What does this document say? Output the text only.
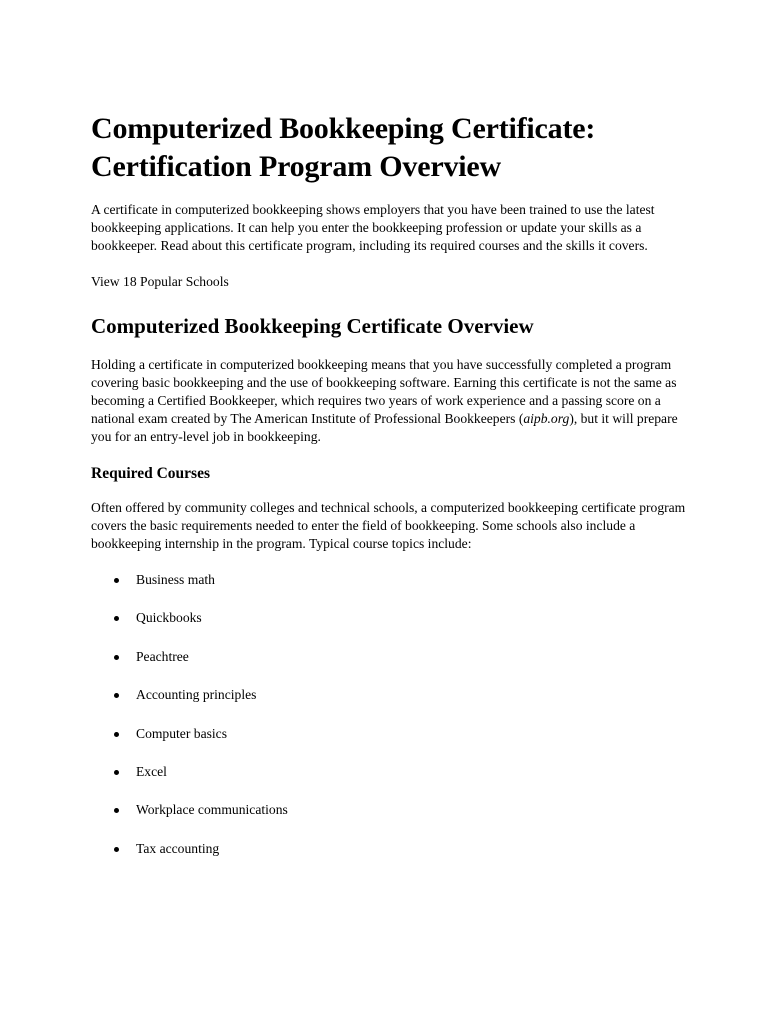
Computerized Bookkeeping Certificate: Certification Program Overview

A certificate in computerized bookkeeping shows employers that you have been trained to use the latest bookkeeping applications. It can help you enter the bookkeeping profession or update your skills as a bookkeeper. Read about this certificate program, including its required courses and the skills it covers.

View 18 Popular Schools

Computerized Bookkeeping Certificate Overview

Holding a certificate in computerized bookkeeping means that you have successfully completed a program covering basic bookkeeping and the use of bookkeeping software. Earning this certificate is not the same as becoming a Certified Bookkeeper, which requires two years of work experience and a passing score on a national exam created by The American Institute of Professional Bookkeepers (aipb.org), but it will prepare you for an entry-level job in bookkeeping.

Required Courses

Often offered by community colleges and technical schools, a computerized bookkeeping certificate program covers the basic requirements needed to enter the field of bookkeeping. Some schools also include a bookkeeping internship in the program. Typical course topics include:

Business math
Quickbooks
Peachtree
Accounting principles
Computer basics
Excel
Workplace communications
Tax accounting
